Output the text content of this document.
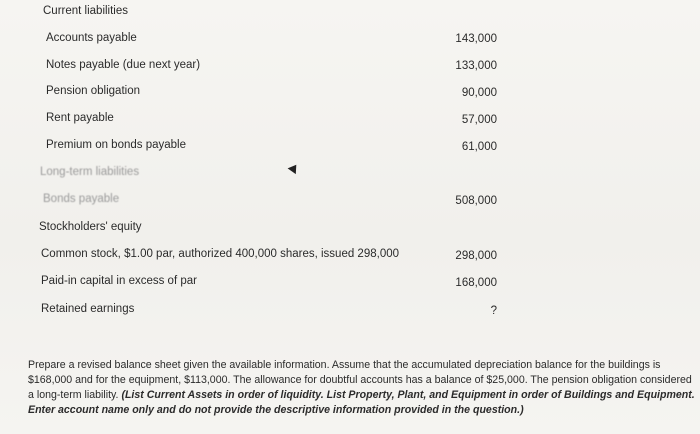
Current liabilities
Accounts payable	143,000
Notes payable (due next year)	133,000
Pension obligation	90,000
Rent payable	57,000
Premium on bonds payable	61,000
Long-term liabilities
Bonds payable	508,000
Stockholders' equity
Common stock, $1.00 par, authorized 400,000 shares, issued 298,000	298,000
Paid-in capital in excess of par	168,000
Retained earnings	?
Prepare a revised balance sheet given the available information. Assume that the accumulated depreciation balance for the buildings is $168,000 and for the equipment, $113,000. The allowance for doubtful accounts has a balance of $25,000. The pension obligation considered a long-term liability. (List Current Assets in order of liquidity. List Property, Plant, and Equipment in order of Buildings and Equipment. Enter account name only and do not provide the descriptive information provided in the question.)
